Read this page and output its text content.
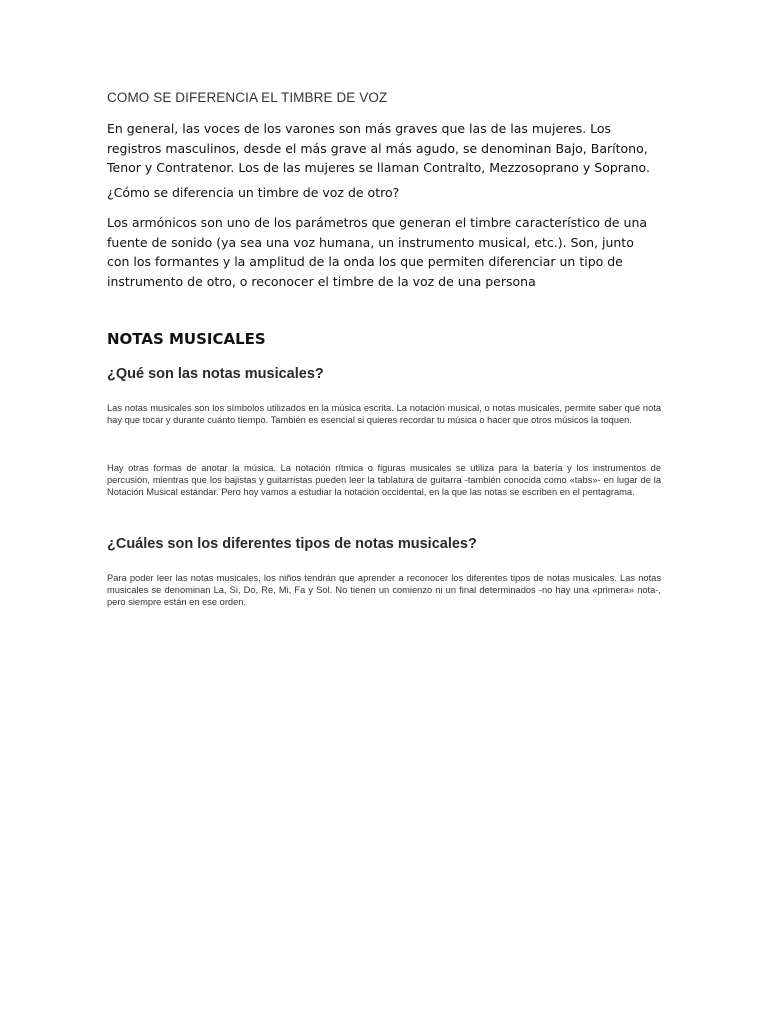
COMO SE DIFERENCIA EL TIMBRE DE VOZ

En general, las voces de los varones son más graves que las de las mujeres. Los registros masculinos, desde el más grave al más agudo, se denominan Bajo, Barítono, Tenor y Contratenor. Los de las mujeres se llaman Contralto, Mezzosoprano y Soprano.

¿Cómo se diferencia un timbre de voz de otro?

Los armónicos son uno de los parámetros que generan el timbre característico de una fuente de sonido (ya sea una voz humana, un instrumento musical, etc.). Son, junto con los formantes y la amplitud de la onda los que permiten diferenciar un tipo de instrumento de otro, o reconocer el timbre de la voz de una persona

NOTAS MUSICALES
¿Qué son las notas musicales?

Las notas musicales son los símbolos utilizados en la música escrita. La notación musical, o notas musicales, permite saber qué nota hay que tocar y durante cuánto tiempo. También es esencial si quieres recordar tu música o hacer que otros músicos la toquen.

Hay otras formas de anotar la música. La notación rítmica o figuras musicales se utiliza para la batería y los instrumentos de percusión, mientras que los bajistas y guitarristas pueden leer la tablatura de guitarra -también conocida como «tabs»- en lugar de la Notación Musical estándar. Pero hoy vamos a estudiar la notación occidental, en la que las notas se escriben en el pentagrama.

¿Cuáles son los diferentes tipos de notas musicales?

Para poder leer las notas musicales, los niños tendrán que aprender a reconocer los diferentes tipos de notas musicales. Las notas musicales se denominan La, Si, Do, Re, Mi, Fa y Sol. No tienen un comienzo ni un final determinados -no hay una «primera» nota-, pero siempre están en ese orden.
